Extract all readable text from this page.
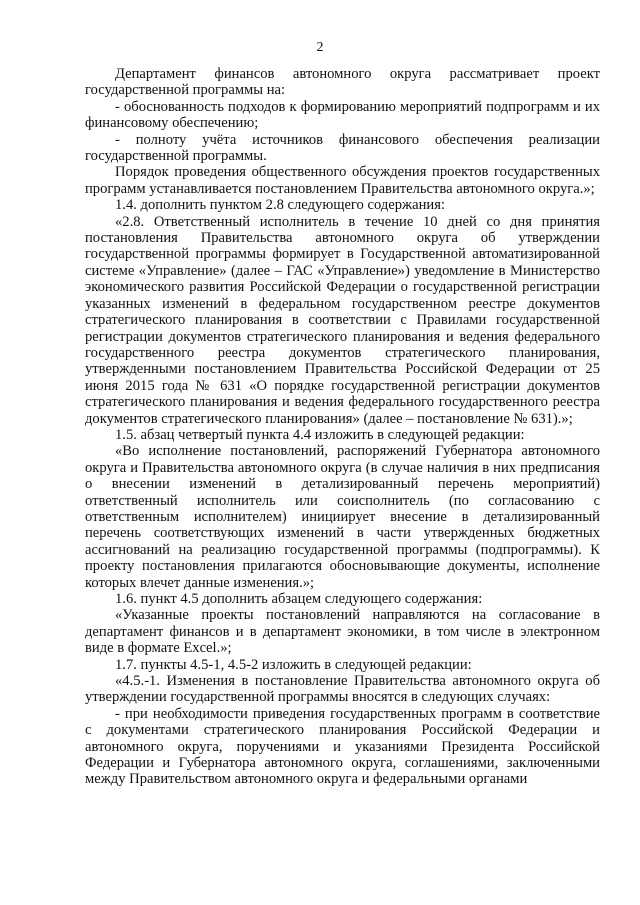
2

Департамент финансов автономного округа рассматривает проект государственной программы на:

- обоснованность подходов к формированию мероприятий подпрограмм и их финансовому обеспечению;

- полноту учёта источников финансового обеспечения реализации государственной программы.

Порядок проведения общественного обсуждения проектов государственных программ устанавливается постановлением Правительства автономного округа.»;

1.4. дополнить пунктом 2.8 следующего содержания:

«2.8. Ответственный исполнитель в течение 10 дней со дня принятия постановления Правительства автономного округа об утверждении государственной программы формирует в Государственной автоматизированной системе «Управление» (далее – ГАС «Управление») уведомление в Министерство экономического развития Российской Федерации о государственной регистрации указанных изменений в федеральном государственном реестре документов стратегического планирования в соответствии с Правилами государственной регистрации документов стратегического планирования и ведения федерального государственного реестра документов стратегического планирования, утвержденными постановлением Правительства Российской Федерации от 25 июня 2015 года № 631 «О порядке государственной регистрации документов стратегического планирования и ведения федерального государственного реестра документов стратегического планирования» (далее – постановление № 631).»;

1.5. абзац четвертый пункта 4.4 изложить в следующей редакции:

«Во исполнение постановлений, распоряжений Губернатора автономного округа и Правительства автономного округа (в случае наличия в них предписания о внесении изменений в детализированный перечень мероприятий) ответственный исполнитель или соисполнитель (по согласованию с ответственным исполнителем) инициирует внесение в детализированный перечень соответствующих изменений в части утвержденных бюджетных ассигнований на реализацию государственной программы (подпрограммы). К проекту постановления прилагаются обосновывающие документы, исполнение которых влечет данные изменения.»;

1.6. пункт 4.5 дополнить абзацем следующего содержания:

«Указанные проекты постановлений направляются на согласование в департамент финансов и в департамент экономики, в том числе в электронном виде в формате Excel.»;

1.7. пункты 4.5-1, 4.5-2 изложить в следующей редакции:

«4.5.-1. Изменения в постановление Правительства автономного округа об утверждении государственной программы вносятся в следующих случаях:

- при необходимости приведения государственных программ в соответствие с документами стратегического планирования Российской Федерации и автономного округа, поручениями и указаниями Президента Российской Федерации и Губернатора автономного округа, соглашениями, заключенными между Правительством автономного округа и федеральными органами
